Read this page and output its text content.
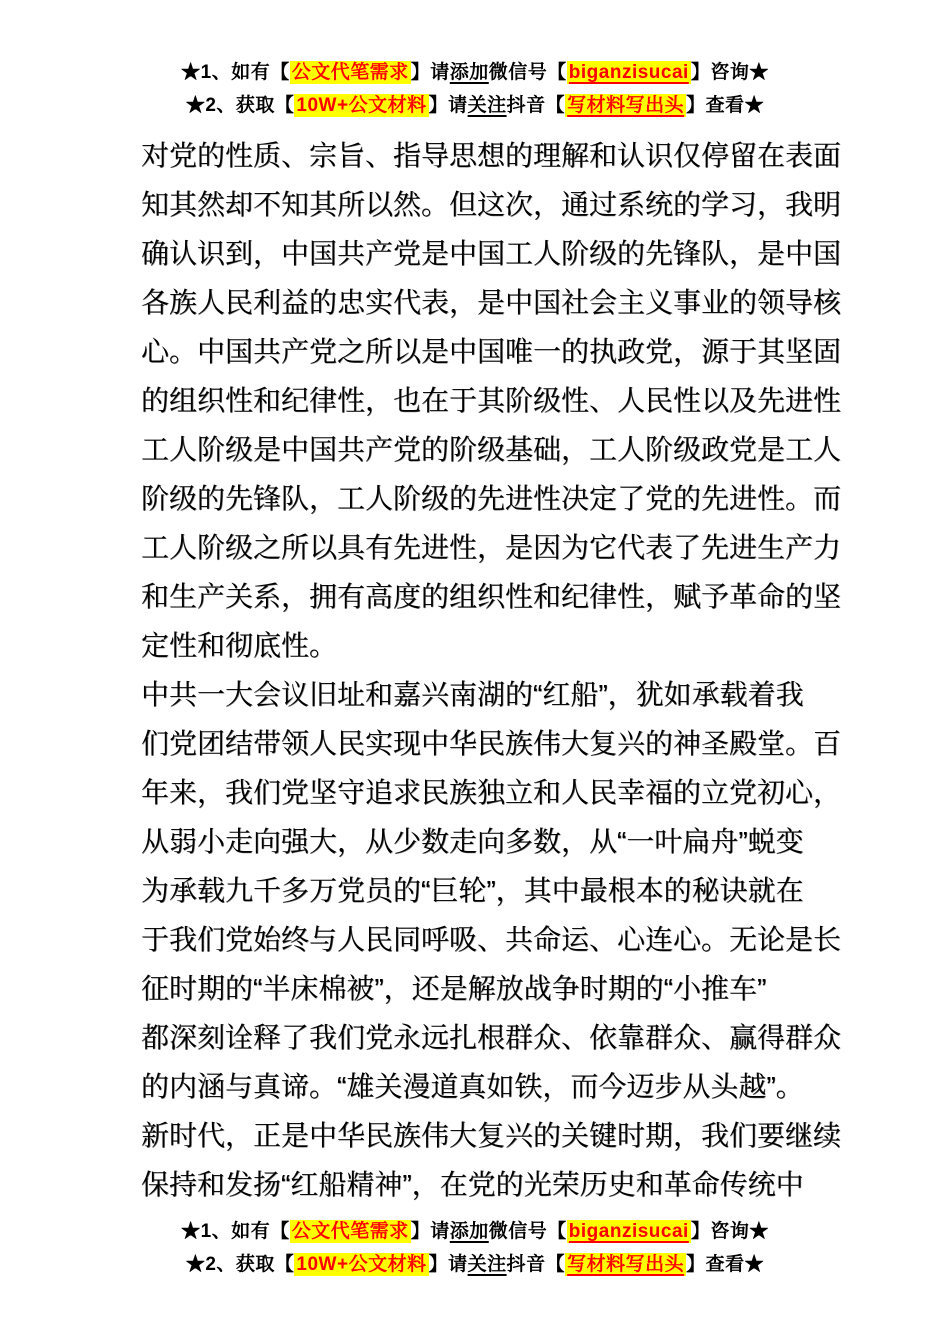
★1、如有【 公文代笔需求 】请添加微信号【 biganzisucai 】咨询★
★2、获取【 10W+公文材料 】请关注抖音【 写材料写出头 】查看★
对党的性质、宗旨、指导思想的理解和认识仅停留在表面
知其然却不知其所以然。但这次，通过系统的学习，我明
确认识到，中国共产党是中国工人阶级的先锋队，是中国
各族人民利益的忠实代表，是中国社会主义事业的领导核
心。中国共产党之所以是中国唯一的执政党，源于其坚固
的组织性和纪律性，也在于其阶级性、人民性以及先进性
工人阶级是中国共产党的阶级基础，工人阶级政党是工人
阶级的先锋队，工人阶级的先进性决定了党的先进性。而
工人阶级之所以具有先进性，是因为它代表了先进生产力
和生产关系，拥有高度的组织性和纪律性，赋予革命的坚
定性和彻底性。
中共一大会议旧址和嘉兴南湖的“红船”，犹如承载着我
们党团结带领人民实现中华民族伟大复兴的神圣殿堂。百
年来，我们党坚守追求民族独立和人民幸福的立党初心，
从弱小走向强大，从少数走向多数，从“一叶扁舟”蜕变
为承载九千多万党员的“巨轮”，其中最根本的秘诀就在
于我们党始终与人民同呼吸、共命运、心连心。无论是长
征时期的“半床棉被”，还是解放战争时期的“小推车”
都深刻诠释了我们党永远扎根群众、依靠群众、赢得群众
的内涵与真谛。“雄关漫道真如铁，而今迈步从头越”。
新时代，正是中华民族伟大复兴的关键时期，我们要继续
保持和发扬“红船精神”，在党的光荣历史和革命传统中
★1、如有【 公文代笔需求 】请添加微信号【 biganzisucai 】咨询★
★2、获取【 10W+公文材料 】请关注抖音【 写材料写出头 】查看★
